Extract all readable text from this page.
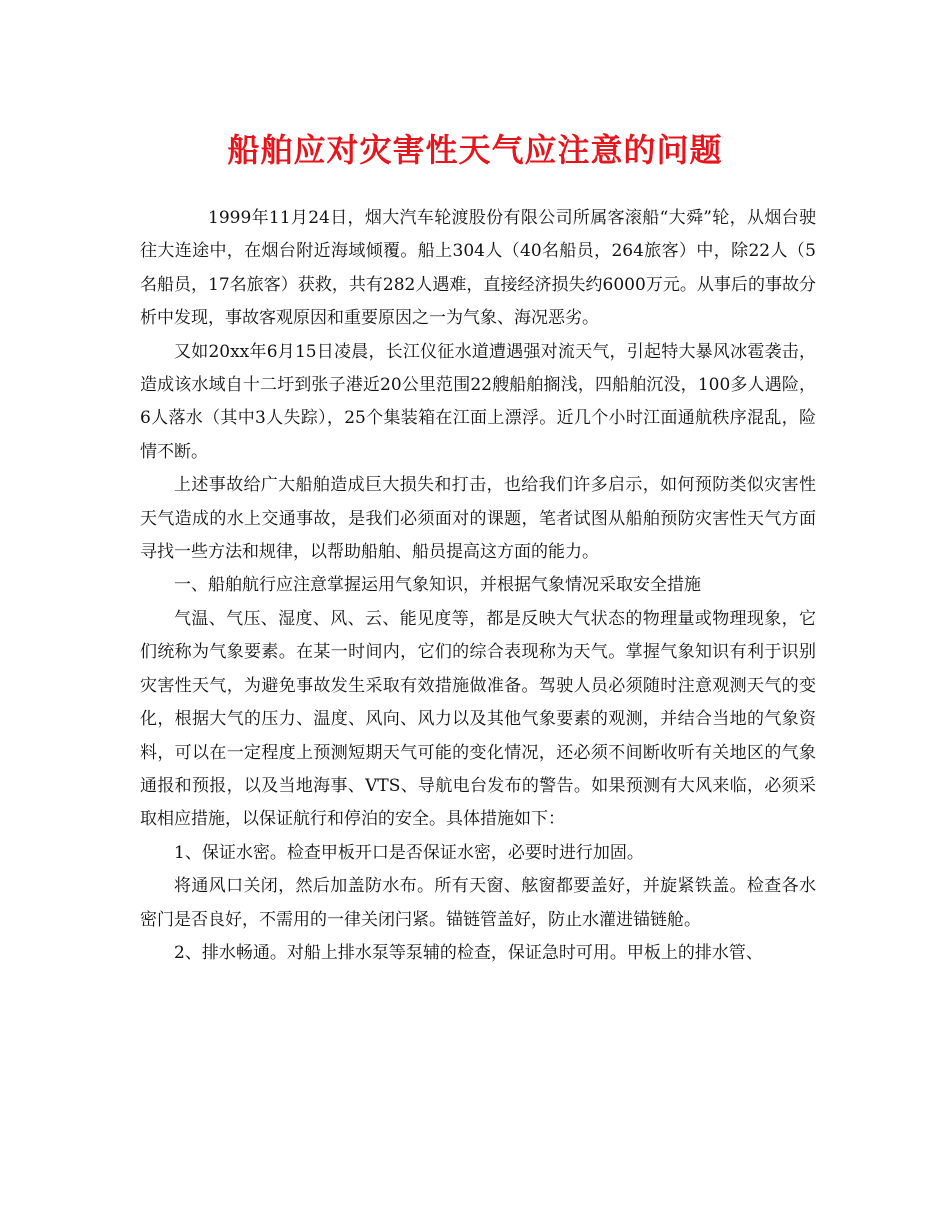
船舶应对灾害性天气应注意的问题

1999年11月24日，烟大汽车轮渡股份有限公司所属客滚船“大舜”轮，从烟台驶往大连途中，在烟台附近海域倾覆。船上304人（40名船员，264旅客）中，除22人（5名船员，17名旅客）获救，共有282人遇难，直接经济损失约6000万元。从事后的事故分析中发现，事故客观原因和重要原因之一为气象、海况恶劣。

又如20xx年6月15日凌晨，长江仪征水道遭遇强对流天气，引起特大暴风冰雹袭击，造成该水域自十二圩到张子港近20公里范围22艘船舶搁浅，四船舶沉没，100多人遇险， 6人落水（其中3人失踪），25个集装箱在江面上漂浮。近几个小时江面通航秩序混乱，险情不断。

上述事故给广大船舶造成巨大损失和打击，也给我们许多启示，如何预防类似灾害性天气造成的水上交通事故，是我们必须面对的课题，笔者试图从船舶预防灾害性天气方面寻找一些方法和规律，以帮助船舶、船员提高这方面的能力。

一、船舶航行应注意掌握运用气象知识，并根据气象情况采取安全措施

气温、气压、湿度、风、云、能见度等，都是反映大气状态的物理量或物理现象，它们统称为气象要素。在某一时间内，它们的综合表现称为天气。掌握气象知识有利于识别灾害性天气，为避免事故发生采取有效措施做准备。驾驶人员必须随时注意观测天气的变化，根据大气的压力、温度、风向、风力以及其他气象要素的观测，并结合当地的气象资料，可以在一定程度上预测短期天气可能的变化情况，还必须不间断收听有关地区的气象通报和预报，以及当地海事、VTS、导航电台发布的警告。如果预测有大风来临，必须采取相应措施，以保证航行和停泊的安全。具体措施如下：

1、保证水密。检查甲板开口是否保证水密，必要时进行加固。

将通风口关闭，然后加盖防水布。所有天窗、舷窗都要盖好，并旋紧铁盖。检查各水密门是否良好，不需用的一律关闭闩紧。锚链管盖好，防止水灌进锚链舱。

2、排水畅通。对船上排水泵等泵辅的检查，保证急时可用。甲板上的排水管、
